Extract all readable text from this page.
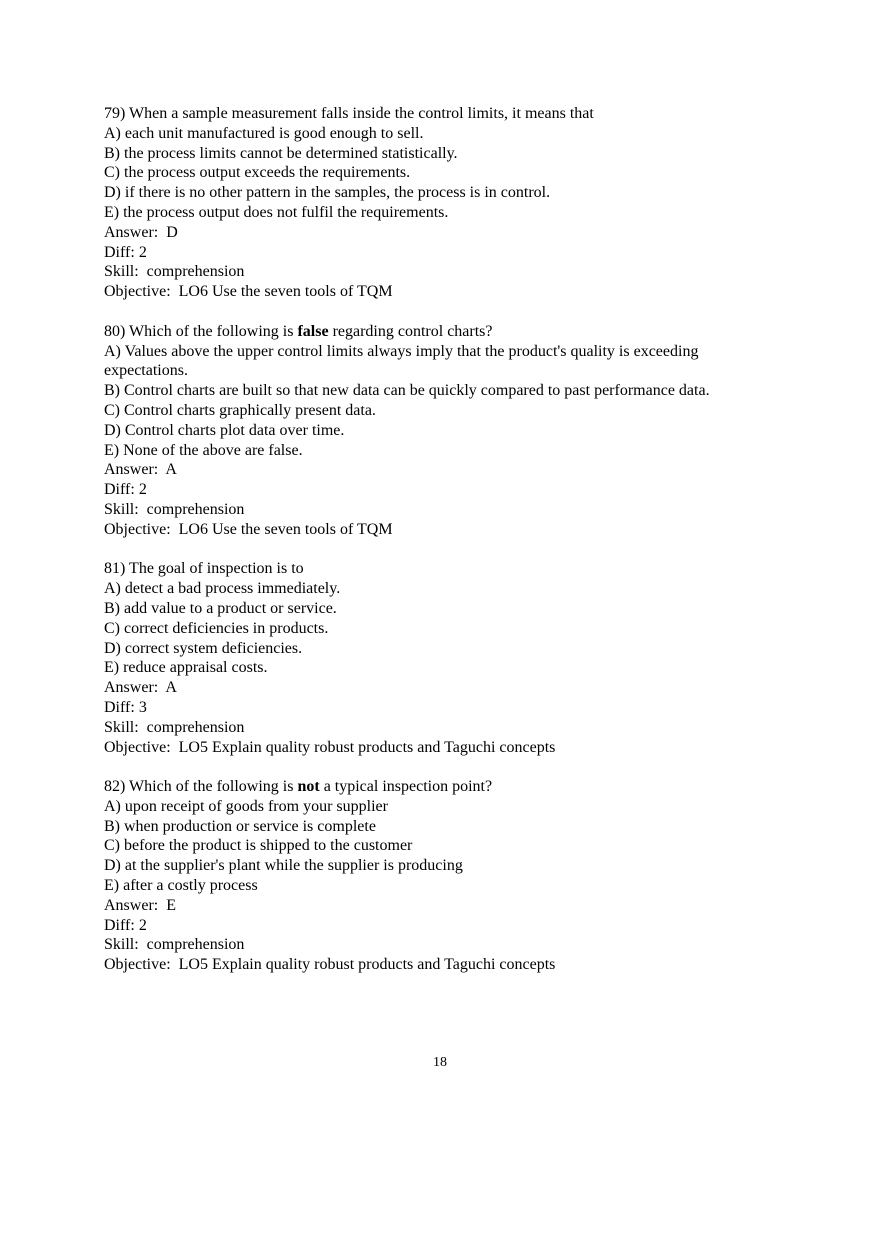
79) When a sample measurement falls inside the control limits, it means that
A) each unit manufactured is good enough to sell.
B) the process limits cannot be determined statistically.
C) the process output exceeds the requirements.
D) if there is no other pattern in the samples, the process is in control.
E) the process output does not fulfil the requirements.
Answer:  D
Diff: 2
Skill:  comprehension
Objective:  LO6 Use the seven tools of TQM
80) Which of the following is false regarding control charts?
A) Values above the upper control limits always imply that the product's quality is exceeding
expectations.
B) Control charts are built so that new data can be quickly compared to past performance data.
C) Control charts graphically present data.
D) Control charts plot data over time.
E) None of the above are false.
Answer:  A
Diff: 2
Skill:  comprehension
Objective:  LO6 Use the seven tools of TQM
81) The goal of inspection is to
A) detect a bad process immediately.
B) add value to a product or service.
C) correct deficiencies in products.
D) correct system deficiencies.
E) reduce appraisal costs.
Answer:  A
Diff: 3
Skill:  comprehension
Objective:  LO5 Explain quality robust products and Taguchi concepts
82) Which of the following is not a typical inspection point?
A) upon receipt of goods from your supplier
B) when production or service is complete
C) before the product is shipped to the customer
D) at the supplier's plant while the supplier is producing
E) after a costly process
Answer:  E
Diff: 2
Skill:  comprehension
Objective:  LO5 Explain quality robust products and Taguchi concepts
18
